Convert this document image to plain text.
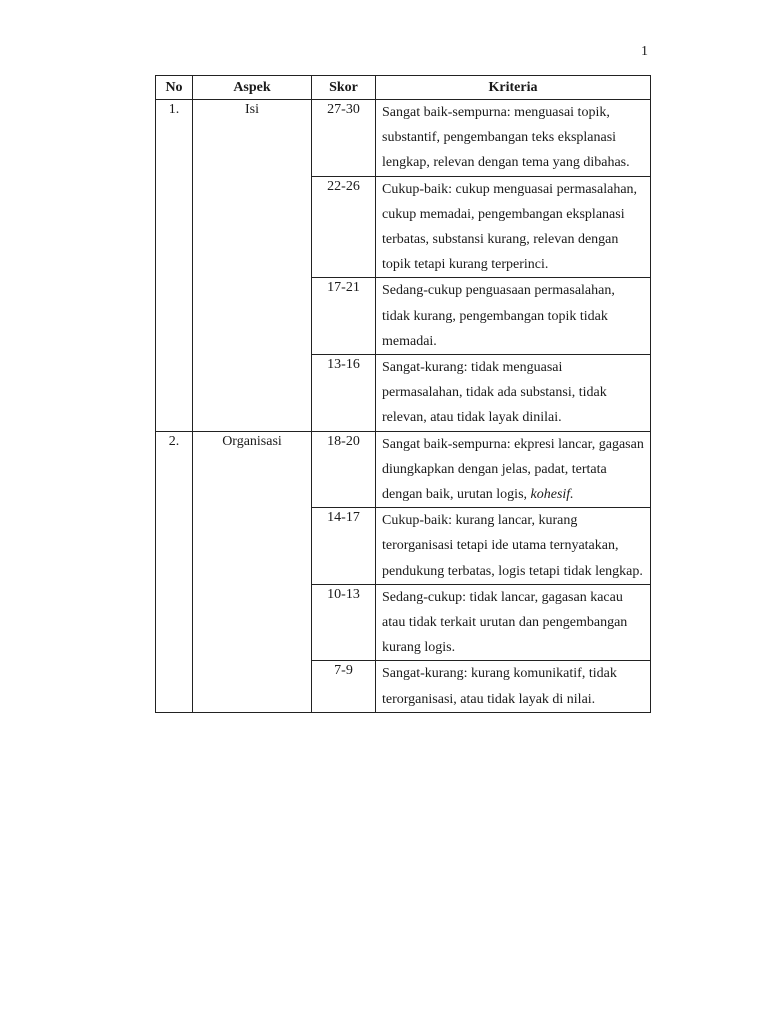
1
No	Aspek	Skor	Kriteria

1.	Isi	27-30	Sangat baik-sempurna: menguasai topik, substantif, pengembangan teks eksplanasi lengkap, relevan dengan tema yang dibahas.

		22-26	Cukup-baik: cukup menguasai permasalahan, cukup memadai, pengembangan eksplanasi terbatas, substansi kurang, relevan dengan topik tetapi kurang terperinci.

		17-21	Sedang-cukup penguasaan permasalahan, tidak kurang, pengembangan topik tidak memadai.

		13-16	Sangat-kurang: tidak menguasai permasalahan, tidak ada substansi, tidak relevan, atau tidak layak dinilai.

2.	Organisasi	18-20	Sangat baik-sempurna: ekpresi lancar, gagasan diungkapkan dengan jelas, padat, tertata dengan baik, urutan logis, kohesif.

		14-17	Cukup-baik: kurang lancar, kurang terorganisasi tetapi ide utama ternyatakan, pendukung terbatas, logis tetapi tidak lengkap.

		10-13	Sedang-cukup: tidak lancar, gagasan kacau atau tidak terkait urutan dan pengembangan kurang logis.

		7-9	Sangat-kurang: kurang komunikatif, tidak terorganisasi, atau tidak layak di nilai.
